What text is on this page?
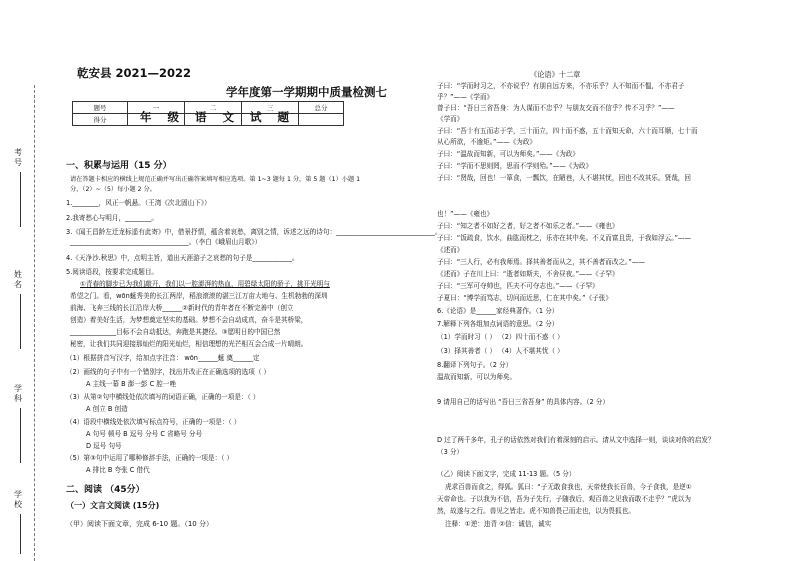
考号
姓名
学科
学校
乾安县 2021—2022
学年度第一学期期中质量检测七
题号	一	二	三	总分
得分					年 级 语 文 试 题
一、积累与运用（15 分）
请在答题卡相应的横线上规范正确并写出正确答案填写相应选项。第 1~3 题每 1 分，第 5 题（1）小题 1
分，（2）~（5）每小题 2 分。
1.________，风正一帆悬。（王湾《次北固山下》）
2.我寄愁心与明月，________。
3.《闻王昌龄左迁龙标遥有此寄》中，借景抒情，蕴含着哀愁，离别之情，诉述之远的诗句：______________________________。
____________________________________。（李白《峨眉山月歌》）
4.《天净沙.秋思》中，点明主旨，道出天涯游子之哀愁的句子是____________。
5.阅读语段，按要求完成题目。
①青春的脚步已为我们敲开，我们以一腔澎湃的热血，用碧绿太阳的骄子，挑开光明与
希望之门。看，wōn蜒秀美的长江两岸，稻浪滚滚的湛三江万亩大地与、生机勃勃的深圳
前海、飞奔三线的长江沿岸大桥______②新时代的青年者在不断完善中（创立
创造）着美好生活，为梦想奠定坚实的基础。梦想不会自动成真，奋斗是其桥梁，
______________目标不会自动抵达，奔跑是其捷径。③愿明日的中国已然
秘密，让我们共同迎接那灿烂的阳光灿烂，相信理想的光芒相互会合成一片晴朗。
（1）根据拼音写汉字，给加点字注音： wōn______蜒 奠______定
（2）画线的句子中有一个错别字，找出并改正在正确选项的选项（ ）
A 主线一幕 B 澎一彭 C 腔一唑
（3）从第②句中横线处依次填写的词语正确，正确的一项是：（ ）
A 创立 B 创造
（4）语段中横线处依次填写标点符号，正确的一项是：（ ）
A 句号 顿号 B 逗号 分号 C 省略号 分号
D 逗号 句号
（5）第③句中运用了哪种修辞手法，正确的一项是：（ ）
A 排比 B 夸张 C 借代
二、阅读 （45分）
（一）文言文阅读 (15分)
（甲）阅读下面文章，完成 6-10 题。（10 分）
《论语》十二章
子曰：“学而时习之，不亦说乎？有朋自远方来，不亦乐乎？人不知而不愠，不亦君子
乎？”——《学而》
曾子曰：“吾日三省吾身：为人谋而不忠乎？与朋友交而不信乎？传不习乎？”——
《学而》
子曰：“吾十有五而志于学，三十而立，四十而不惑，五十而知天命，六十而耳顺，七十而
从心所欲，不逾矩。”——《为政》
子曰：“温故而知新，可以为师矣。”——《为政》
子曰：“学而不思则罔，思而不学则殆。”——《为政》
子曰：“贤哉，回也！一箪食，一瓢饮，在陋巷，人不堪其忧，回也不改其乐。贤哉，回
也！”——《雍也》
子曰：“知之者不如好之者，好之者不如乐之者。”——《雍也》
子曰：“饭疏食，饮水，曲肱而枕之，乐亦在其中矣。不义而富且贵，于我如浮云。”——
《述而》
子曰：“三人行，必有我师焉。择其善者而从之，其不善者而改之。”——
《述而》子在川上曰：“逝者如斯夫，不舍昼夜。”——《子罕》
子曰：“三军可夺帅也，匹夫不可夺志也。”——《子罕》
子夏曰：“博学而笃志，切问而近思，仁在其中矣。”《子张》
6.《论语》是______家经典著作。（1 分）
7.解释下列各组加点词语的意思。（2 分）
（1）学而时习（ ） （2）四十而不惑（ ）
（3）择其善者（ ） （4）人不堪其忧（ ）
8.翻译下列句子。（2 分）
温故而知新，可以为师矣。
9 请用自己的话写出 “吾日三省吾身” 的具体内容。（2 分）
D 过了两千多年，孔子的话依然对我们有着深刻的启示。请从文中选择一则，谈谈对你的启发？
（3 分）
（乙）阅读下面文字，完成 11-13 题。（5 分）
虎求百兽而食之，得狐。狐曰：“子无敢食我也，天帝使我长百兽，今子食我，是逆①
天帝命也。子以我为不信，吾为子先行，子随我后，观百兽之见我而敢不走乎？”虎以为
然，故遂与之行。兽见之皆走。虎不知兽畏己而走也，以为畏狐也。
注释：①逆：违背 ②信：诚信，诚实
